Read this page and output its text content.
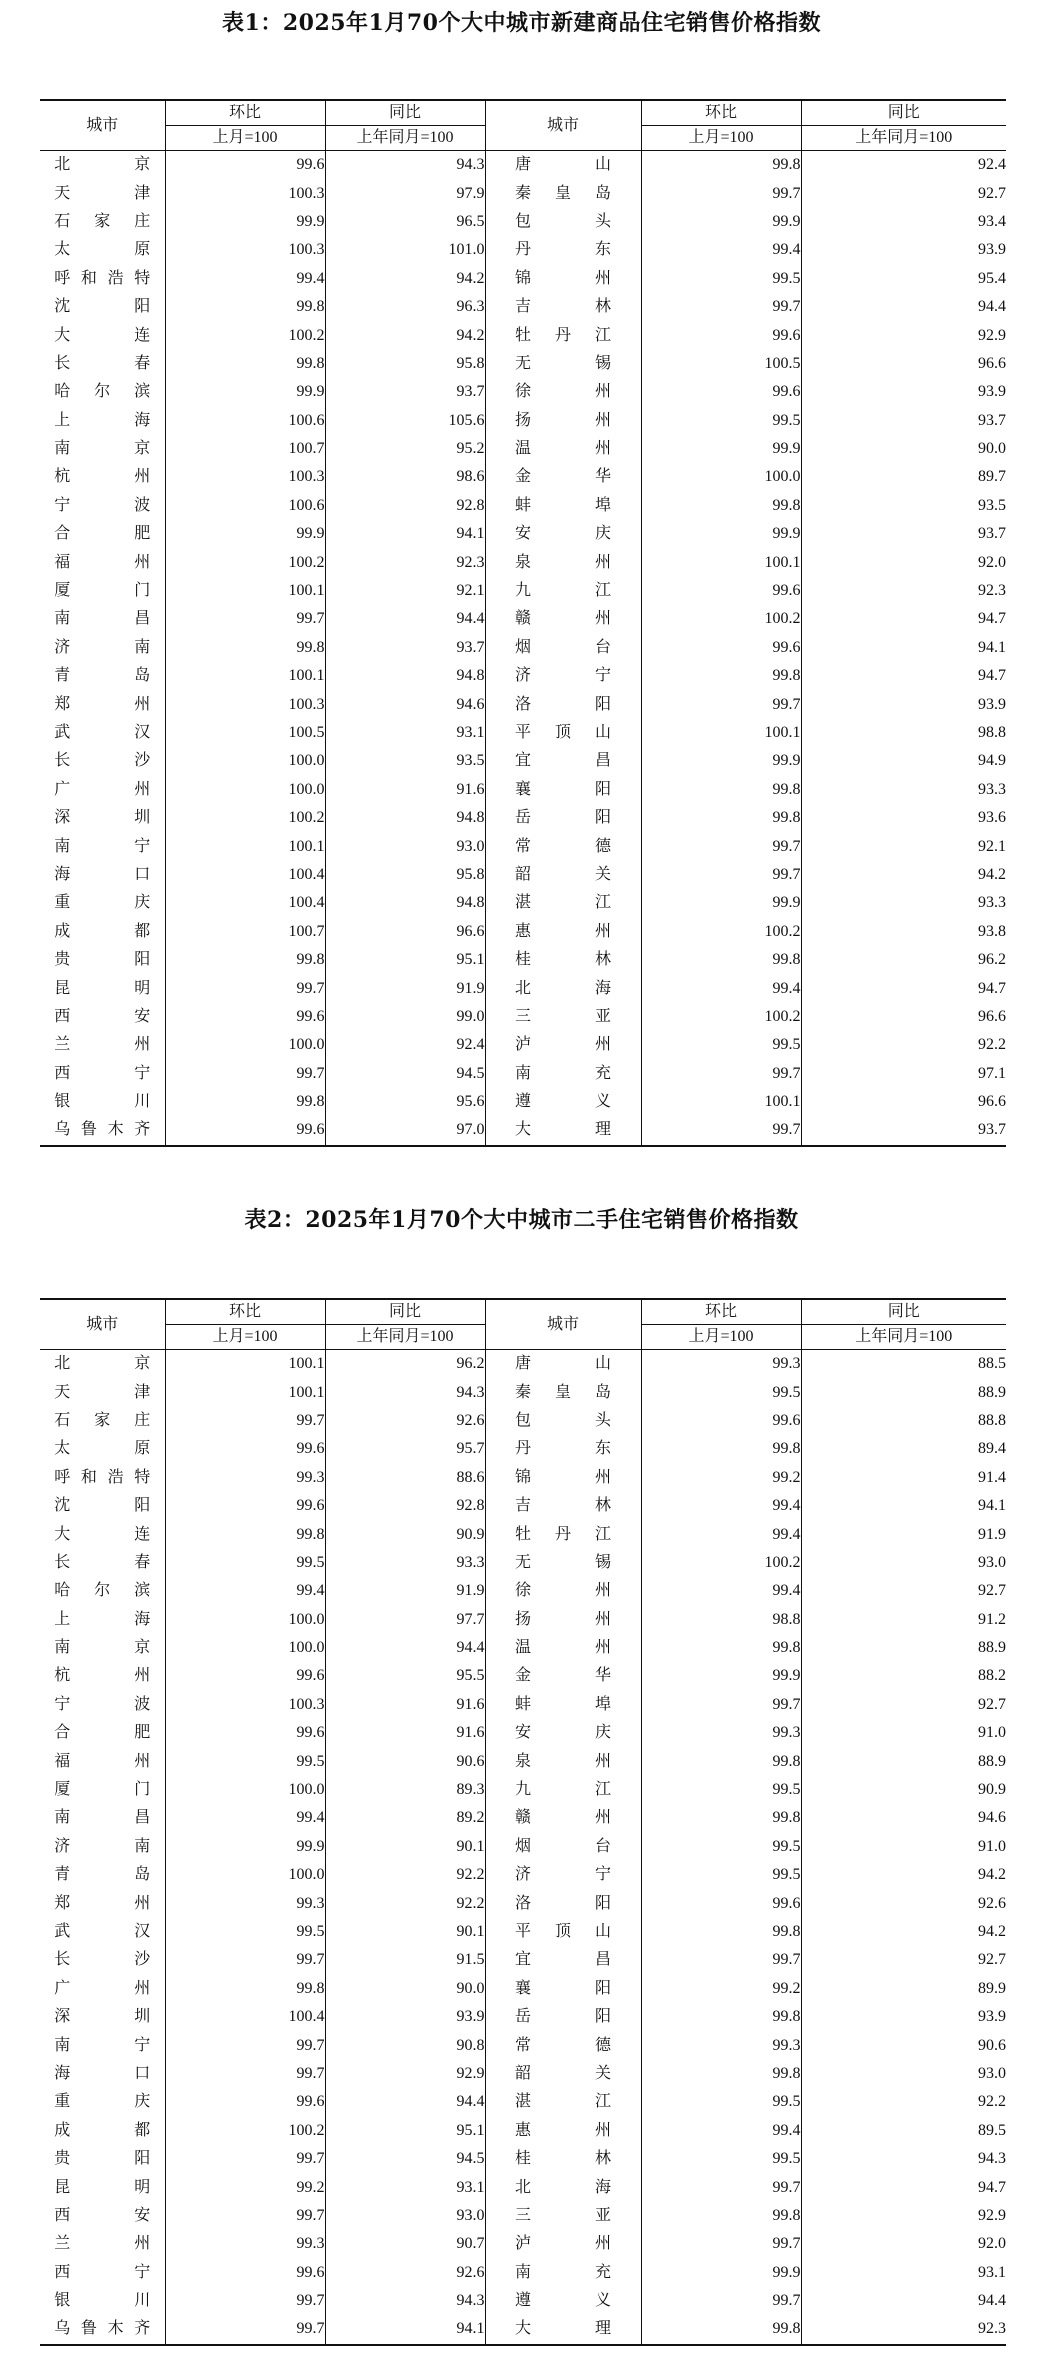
表1：2025年1月70个大中城市新建商品住宅销售价格指数
城市	环比	同比	城市	环比	同比
	上月=100	上年同月=100		上月=100	上年同月=100

北京	99.6	94.3	唐山	99.8	92.4

天津	100.3	97.9	秦皇岛	99.7	92.7

石家庄	99.9	96.5	包头	99.9	93.4

太原	100.3	101.0	丹东	99.4	93.9

呼和浩特	99.4	94.2	锦州	99.5	95.4

沈阳	99.8	96.3	吉林	99.7	94.4

大连	100.2	94.2	牡丹江	99.6	92.9

长春	99.8	95.8	无锡	100.5	96.6

哈尔滨	99.9	93.7	徐州	99.6	93.9

上海	100.6	105.6	扬州	99.5	93.7

南京	100.7	95.2	温州	99.9	90.0

杭州	100.3	98.6	金华	100.0	89.7

宁波	100.6	92.8	蚌埠	99.8	93.5

合肥	99.9	94.1	安庆	99.9	93.7

福州	100.2	92.3	泉州	100.1	92.0

厦门	100.1	92.1	九江	99.6	92.3

南昌	99.7	94.4	赣州	100.2	94.7

济南	99.8	93.7	烟台	99.6	94.1

青岛	100.1	94.8	济宁	99.8	94.7

郑州	100.3	94.6	洛阳	99.7	93.9

武汉	100.5	93.1	平顶山	100.1	98.8

长沙	100.0	93.5	宜昌	99.9	94.9

广州	100.0	91.6	襄阳	99.8	93.3

深圳	100.2	94.8	岳阳	99.8	93.6

南宁	100.1	93.0	常德	99.7	92.1

海口	100.4	95.8	韶关	99.7	94.2

重庆	100.4	94.8	湛江	99.9	93.3

成都	100.7	96.6	惠州	100.2	93.8

贵阳	99.8	95.1	桂林	99.8	96.2

昆明	99.7	91.9	北海	99.4	94.7

西安	99.6	99.0	三亚	100.2	96.6

兰州	100.0	92.4	泸州	99.5	92.2

西宁	99.7	94.5	南充	99.7	97.1

银川	99.8	95.6	遵义	100.1	96.6

乌鲁木齐	99.6	97.0	大理	99.7	93.7
表2：2025年1月70个大中城市二手住宅销售价格指数
城市	环比	同比	城市	环比	同比
	上月=100	上年同月=100		上月=100	上年同月=100

北京	100.1	96.2	唐山	99.3	88.5

天津	100.1	94.3	秦皇岛	99.5	88.9

石家庄	99.7	92.6	包头	99.6	88.8

太原	99.6	95.7	丹东	99.8	89.4

呼和浩特	99.3	88.6	锦州	99.2	91.4

沈阳	99.6	92.8	吉林	99.4	94.1

大连	99.8	90.9	牡丹江	99.4	91.9

长春	99.5	93.3	无锡	100.2	93.0

哈尔滨	99.4	91.9	徐州	99.4	92.7

上海	100.0	97.7	扬州	98.8	91.2

南京	100.0	94.4	温州	99.8	88.9

杭州	99.6	95.5	金华	99.9	88.2

宁波	100.3	91.6	蚌埠	99.7	92.7

合肥	99.6	91.6	安庆	99.3	91.0

福州	99.5	90.6	泉州	99.8	88.9

厦门	100.0	89.3	九江	99.5	90.9

南昌	99.4	89.2	赣州	99.8	94.6

济南	99.9	90.1	烟台	99.5	91.0

青岛	100.0	92.2	济宁	99.5	94.2

郑州	99.3	92.2	洛阳	99.6	92.6

武汉	99.5	90.1	平顶山	99.8	94.2

长沙	99.7	91.5	宜昌	99.7	92.7

广州	99.8	90.0	襄阳	99.2	89.9

深圳	100.4	93.9	岳阳	99.8	93.9

南宁	99.7	90.8	常德	99.3	90.6

海口	99.7	92.9	韶关	99.8	93.0

重庆	99.6	94.4	湛江	99.5	92.2

成都	100.2	95.1	惠州	99.4	89.5

贵阳	99.7	94.5	桂林	99.5	94.3

昆明	99.2	93.1	北海	99.7	94.7

西安	99.7	93.0	三亚	99.8	92.9

兰州	99.3	90.7	泸州	99.7	92.0

西宁	99.6	92.6	南充	99.9	93.1

银川	99.7	94.3	遵义	99.7	94.4

乌鲁木齐	99.7	94.1	大理	99.8	92.3
